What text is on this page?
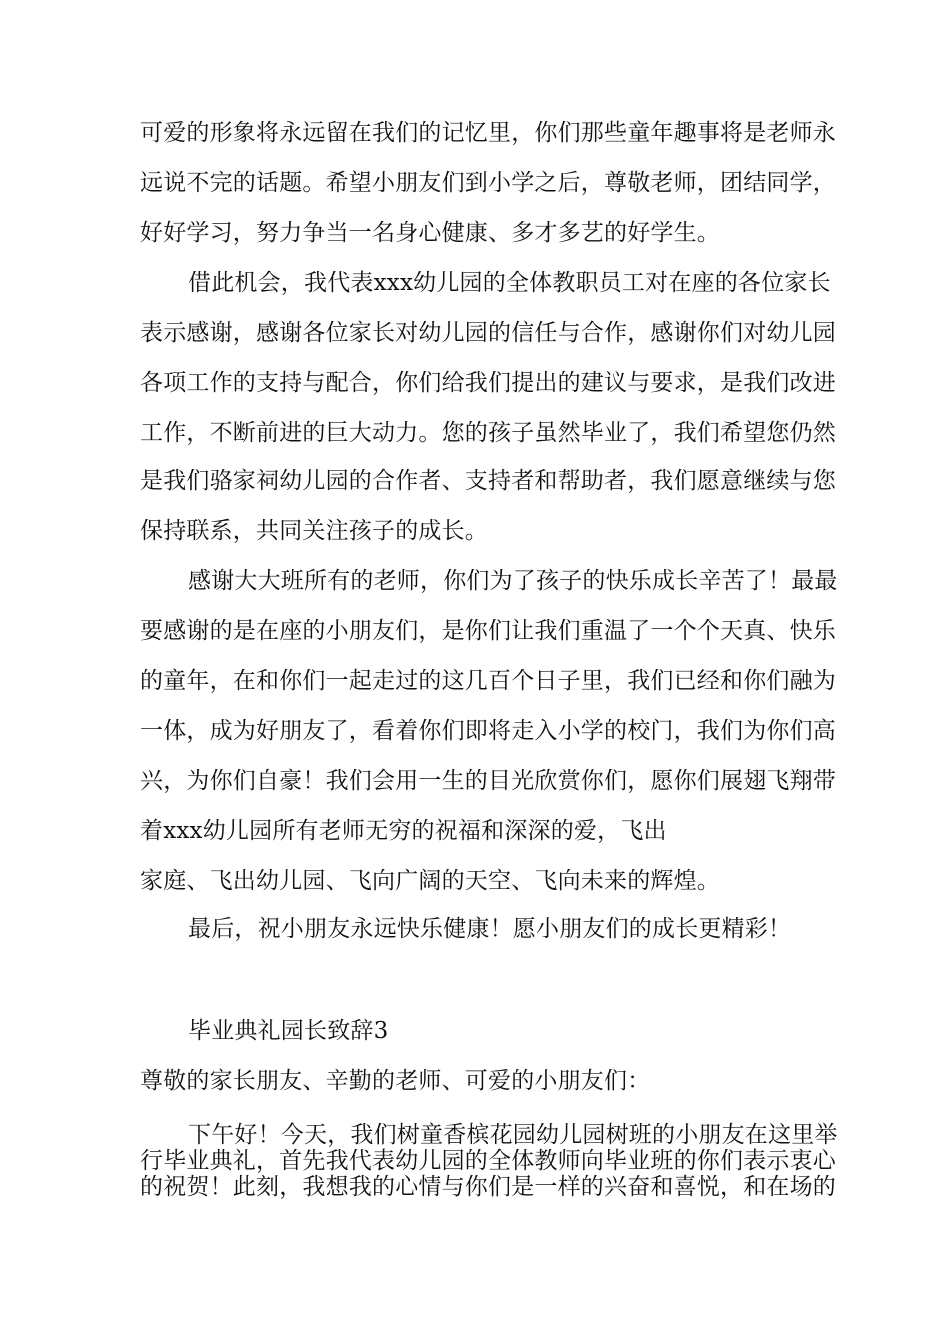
可爱的形象将永远留在我们的记忆里，你们那些童年趣事将是老师永
远说不完的话题。希望小朋友们到小学之后，尊敬老师，团结同学，
好好学习，努力争当一名身心健康、多才多艺的好学生。
借此机会，我代表xxx幼儿园的全体教职员工对在座的各位家长
表示感谢，感谢各位家长对幼儿园的信任与合作，感谢你们对幼儿园
各项工作的支持与配合，你们给我们提出的建议与要求，是我们改进
工作，不断前进的巨大动力。您的孩子虽然毕业了，我们希望您仍然
是我们骆家祠幼儿园的合作者、支持者和帮助者，我们愿意继续与您
保持联系，共同关注孩子的成长。
感谢大大班所有的老师，你们为了孩子的快乐成长辛苦了！最最
要感谢的是在座的小朋友们，是你们让我们重温了一个个天真、快乐
的童年，在和你们一起走过的这几百个日子里，我们已经和你们融为
一体，成为好朋友了，看着你们即将走入小学的校门，我们为你们高
兴，为你们自豪！我们会用一生的目光欣赏你们，愿你们展翅飞翔带
着xxx幼儿园所有老师无穷的祝福和深深的爱，飞出
家庭、飞出幼儿园、飞向广阔的天空、飞向未来的辉煌。
最后，祝小朋友永远快乐健康！愿小朋友们的成长更精彩！
毕业典礼园长致辞3
尊敬的家长朋友、辛勤的老师、可爱的小朋友们：
下午好！今天，我们树童香槟花园幼儿园树班的小朋友在这里举
行毕业典礼，首先我代表幼儿园的全体教师向毕业班的你们表示衷心
的祝贺！此刻，我想我的心情与你们是一样的兴奋和喜悦，和在场的
